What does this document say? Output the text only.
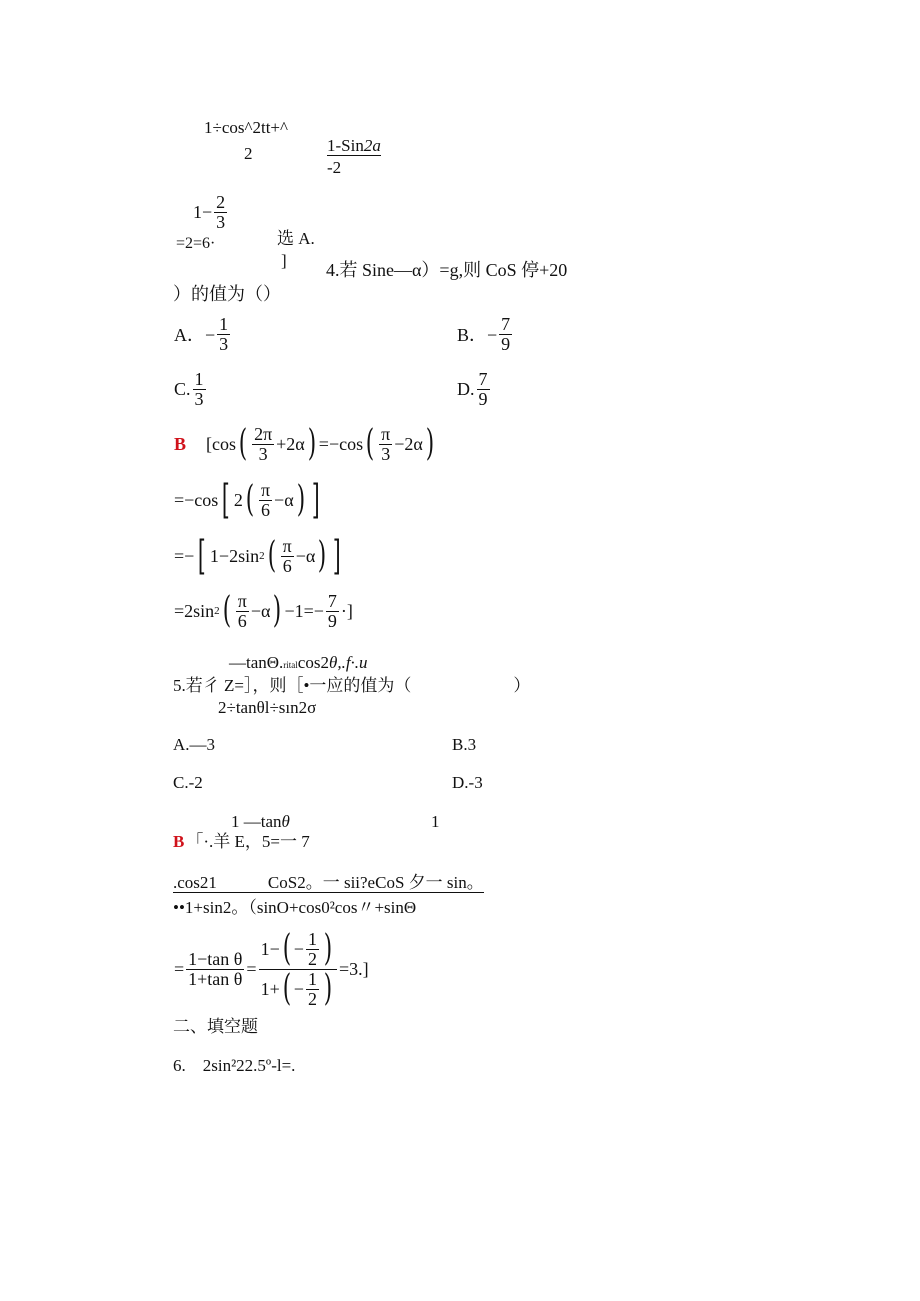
1÷cos^2tt+^
2	1-Sin2a
-2
$1- \frac{2}{3}$
=2=6·	选 A.
] 4.若 Sine—α）=g,则 CoS 停+20
）的值为（）
A．− $\frac{1}{3}$	B．− $\frac{7}{9}$
C. $\frac{1}{3}$	D. $\frac{7}{9}$
B [cos ( $\frac{2\pi}{3} +2\alpha$ ) =−cos ( $\frac{\pi}{3} -2\alpha$ )
=−cos [ 2 ( $\frac{\pi}{6} -\alpha$ ) ]
=− [ 1−2sin 2 ( $\frac{\pi}{6} -\alpha$ ) ]
=2sin 2 ( $\frac{\pi}{6} -\alpha$ ) $-1=- \frac{7}{9}$ ·]
—tanΘ.ritalcos2θ,.f·.u
5.若彳 Z=］，则［•一应的值为（　　　　　　）
2÷tanθl÷sın2σ
A.—3	B.3
C.-2	D.-3
1 —tanθ	1
B 「·.羊 E，5=一 7
.cos21　　　CoS2。一 sii?eCoS 夕一 sin。
••1+sin2。（sinO+cos0²cos〃+sinΘ
= $\frac{\text{1−tan θ}}{\text{1+tan θ}} = \frac{1- ( - \frac{1}{2} )}{1+ ( - \frac{1}{2} )} =3$.]
二、填空题
6.　2sin²22.5º-l=.
